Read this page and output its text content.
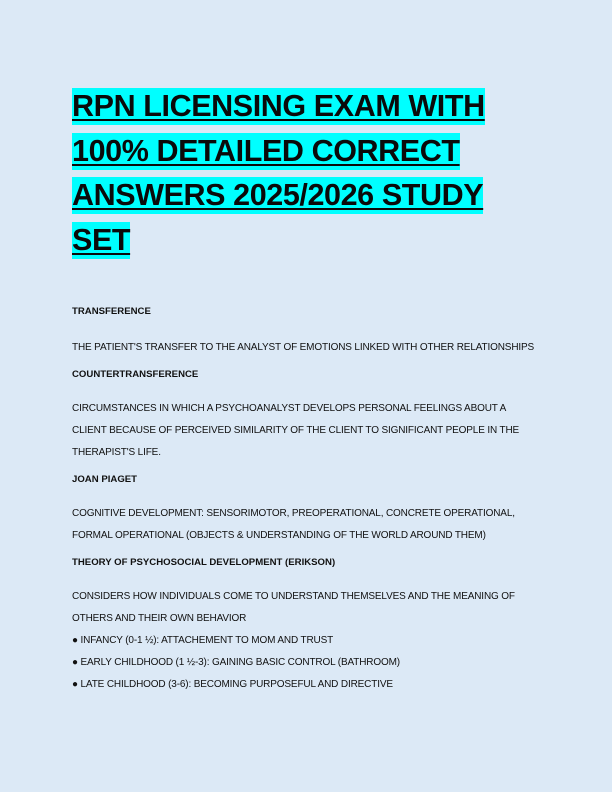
RPN LICENSING EXAM WITH 100% DETAILED CORRECT ANSWERS 2025/2026 STUDY SET

TRANSFERENCE

THE PATIENT'S TRANSFER TO THE ANALYST OF EMOTIONS LINKED WITH OTHER RELATIONSHIPS

COUNTERTRANSFERENCE

CIRCUMSTANCES IN WHICH A PSYCHOANALYST DEVELOPS PERSONAL FEELINGS ABOUT A

CLIENT BECAUSE OF PERCEIVED SIMILARITY OF THE CLIENT TO SIGNIFICANT PEOPLE IN THE

THERAPIST'S LIFE.

JOAN PIAGET

COGNITIVE DEVELOPMENT: SENSORIMOTOR, PREOPERATIONAL, CONCRETE OPERATIONAL,

FORMAL OPERATIONAL (OBJECTS & UNDERSTANDING OF THE WORLD AROUND THEM)

THEORY OF PSYCHOSOCIAL DEVELOPMENT (ERIKSON)

CONSIDERS HOW INDIVIDUALS COME TO UNDERSTAND THEMSELVES AND THE MEANING OF

OTHERS AND THEIR OWN BEHAVIOR

● INFANCY (0-1 ½): ATTACHEMENT TO MOM AND TRUST

● EARLY CHILDHOOD (1 ½-3): GAINING BASIC CONTROL (BATHROOM)

● LATE CHILDHOOD (3-6): BECOMING PURPOSEFUL AND DIRECTIVE
